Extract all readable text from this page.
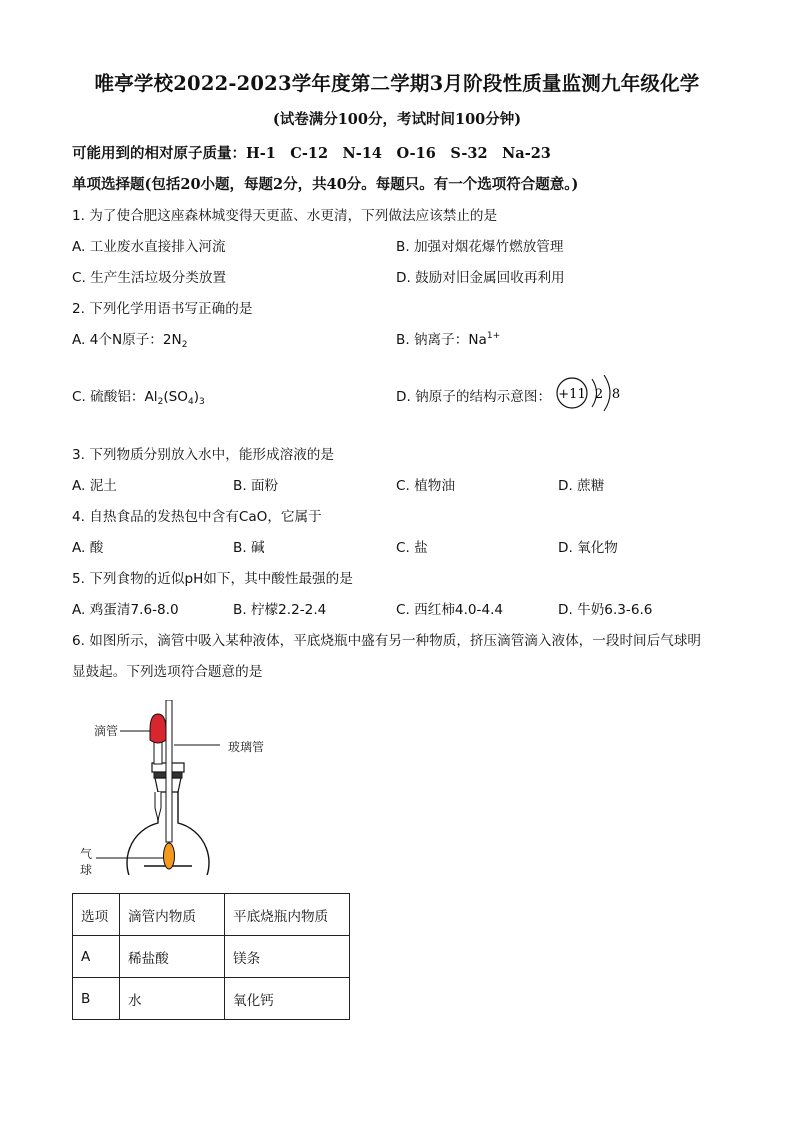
唯亭学校2022-2023学年度第二学期3月阶段性质量监测九年级化学
(试卷满分100分，考试时间100分钟)
可能用到的相对原子质量：H-1　C-12　N-14　O-16　S-32　Na-23
单项选择题(包括20小题，每题2分，共40分。每题只。有一个选项符合题意。)
1. 为了使合肥这座森林城变得天更蓝、水更清，下列做法应该禁止的是
A. 工业废水直接排入河流	B. 加强对烟花爆竹燃放管理
C. 生产生活垃圾分类放置	D. 鼓励对旧金属回收再利用
2. 下列化学用语书写正确的是
A. 4个N原子：$2N_2$	B. 钠离子：$Na^{1+}$
C. 硫酸铝：$Al_2(SO_4)_3$	D. 钠原子的结构示意图： +11 2 8
3. 下列物质分别放入水中，能形成溶液的是
A. 泥土	B. 面粉	C. 植物油	D. 蔗糖
4. 自热食品的发热包中含有CaO，它属于
A. 酸	B. 碱	C. 盐	D. 氧化物
5. 下列食物的近似pH如下，其中酸性最强的是
A. 鸡蛋清7.6-8.0	B. 柠檬2.2-2.4	C. 西红柿4.0-4.4	D. 牛奶6.3-6.6
6. 如图所示，滴管中吸入某种液体，平底烧瓶中盛有另一种物质，挤压滴管滴入液体，一段时间后气球明
显鼓起。下列选项符合题意的是
滴管
玻璃管
气
球
选项	滴管内物质	平底烧瓶内物质
A	稀盐酸	镁条
B	水	氧化钙
